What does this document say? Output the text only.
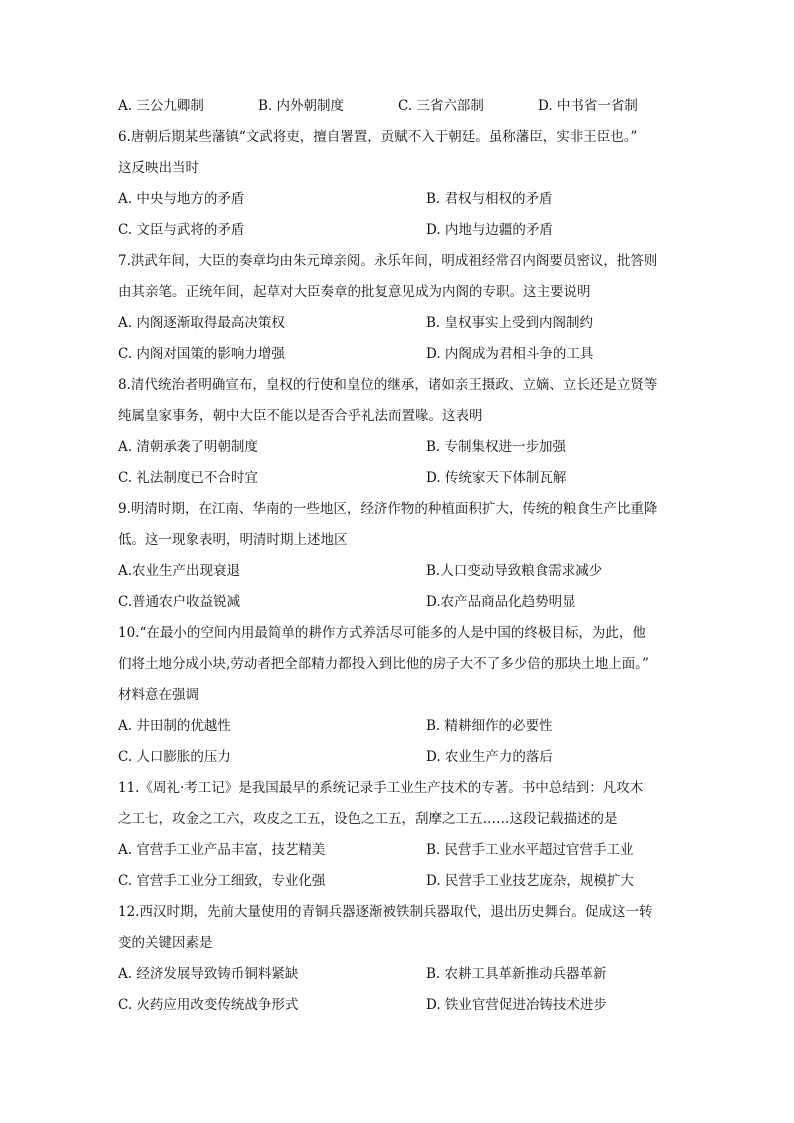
A. 三公九卿制	B. 内外朝制度	C. 三省六部制	D. 中书省一省制
6.唐朝后期某些藩镇“文武将吏，擅自署置，贡赋不入于朝廷。虽称藩臣，实非王臣也。”
这反映出当时
A. 中央与地方的矛盾	B. 君权与相权的矛盾
C. 文臣与武将的矛盾	D. 内地与边疆的矛盾
7.洪武年间，大臣的奏章均由朱元璋亲阅。永乐年间，明成祖经常召内阁要员密议，批答则
由其亲笔。正统年间，起草对大臣奏章的批复意见成为内阁的专职。这主要说明
A. 内阁逐渐取得最高决策权	B. 皇权事实上受到内阁制约
C. 内阁对国策的影响力增强	D. 内阁成为君相斗争的工具
8.清代统治者明确宣布，皇权的行使和皇位的继承，诸如亲王摄政、立嫡、立长还是立贤等
纯属皇家事务，朝中大臣不能以是否合乎礼法而置喙。这表明
A. 清朝承袭了明朝制度	B. 专制集权进一步加强
C. 礼法制度已不合时宜	D. 传统家天下体制瓦解
9.明清时期，在江南、华南的一些地区，经济作物的种植面积扩大，传统的粮食生产比重降
低。这一现象表明，明清时期上述地区
A.农业生产出现衰退	B.人口变动导致粮食需求减少
C.普通农户收益锐减	D.农产品商品化趋势明显
10.“在最小的空间内用最简单的耕作方式养活尽可能多的人是中国的终极目标，为此，他
们将土地分成小块,劳动者把全部精力都投入到比他的房子大不了多少倍的那块土地上面。”
材料意在强调
A. 井田制的优越性	B. 精耕细作的必要性
C. 人口膨胀的压力	D. 农业生产力的落后
11.《周礼·考工记》是我国最早的系统记录手工业生产技术的专著。书中总结到：凡攻木
之工七，攻金之工六，攻皮之工五，设色之工五，刮摩之工五……这段记载描述的是
A. 官营手工业产品丰富，技艺精美	B. 民营手工业水平超过官营手工业
C. 官营手工业分工细致，专业化强	D. 民营手工业技艺庞杂，规模扩大
12.西汉时期，先前大量使用的青铜兵器逐渐被铁制兵器取代，退出历史舞台。促成这一转
变的关键因素是
A. 经济发展导致铸币铜料紧缺	B. 农耕工具革新推动兵器革新
C. 火药应用改变传统战争形式	D. 铁业官营促进冶铸技术进步
